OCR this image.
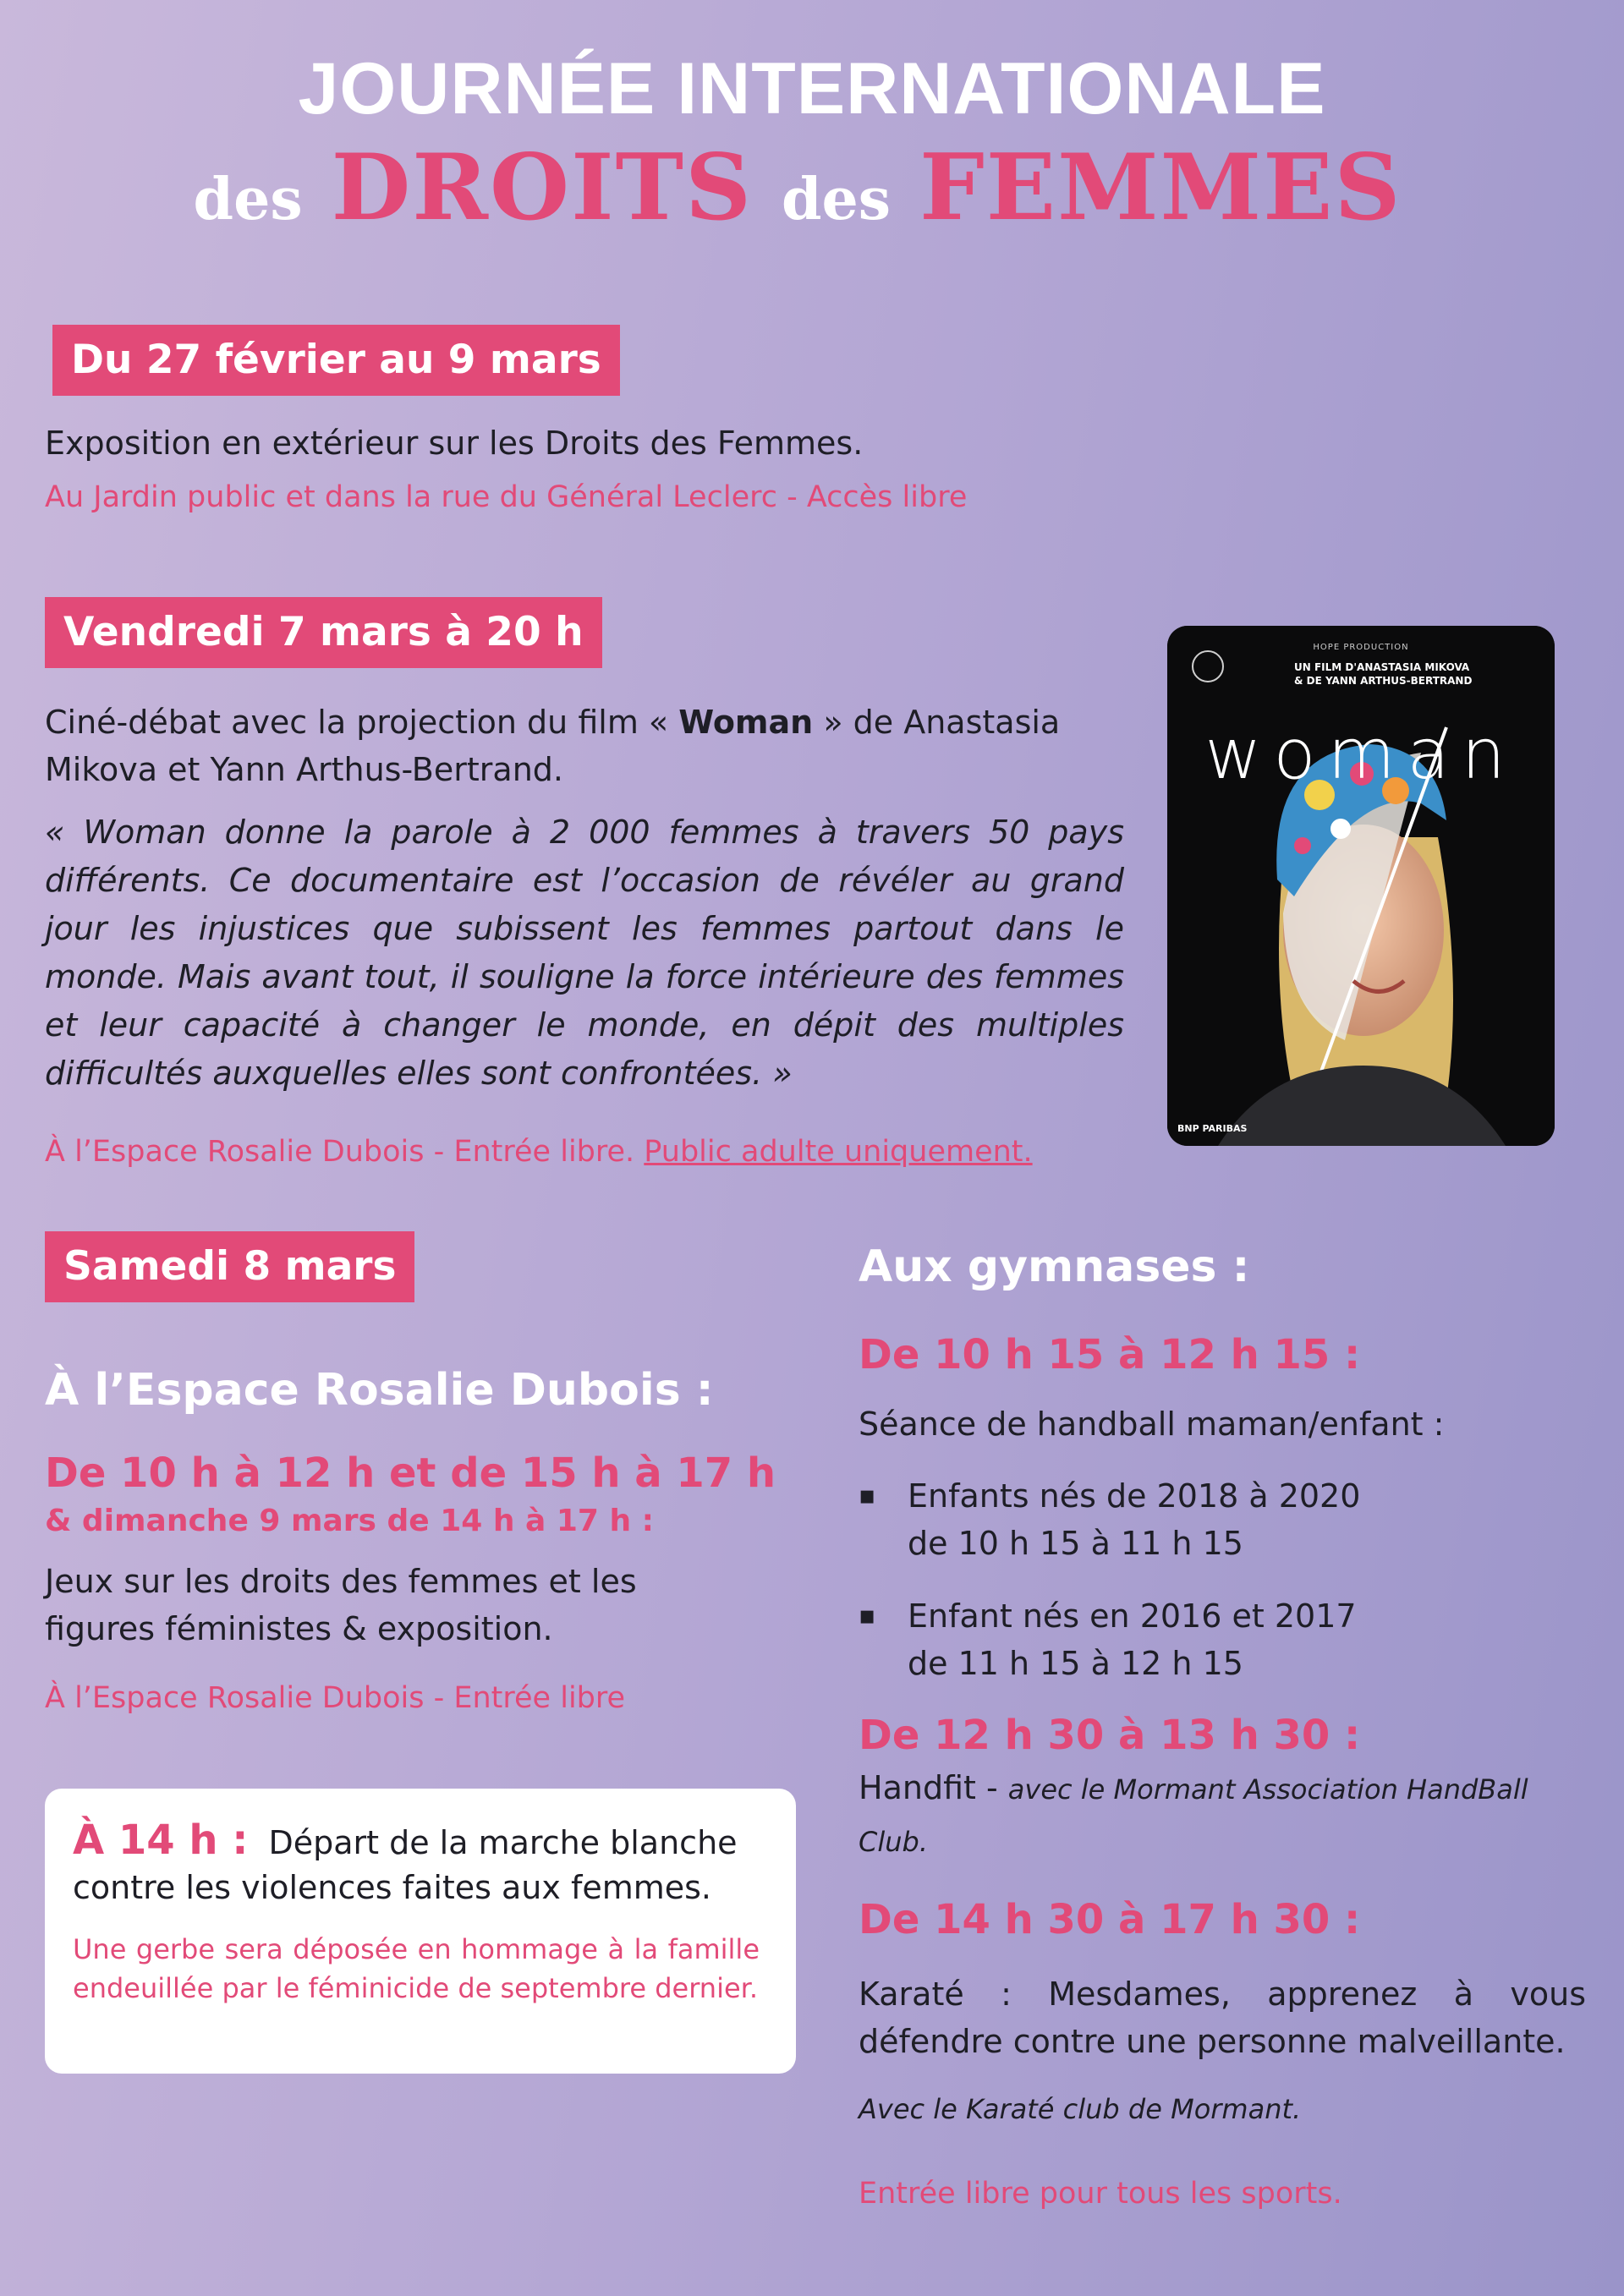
JOURNÉE INTERNATIONALE
des DROITS des FEMMES
Du 27 février au 9 mars
Exposition en extérieur sur les Droits des Femmes.
Au Jardin public et dans la rue du Général Leclerc - Accès libre
Vendredi 7 mars à 20 h
Ciné-débat avec la projection du film « Woman » de Anastasia Mikova et Yann Arthus-Bertrand.
« Woman donne la parole à 2 000 femmes à travers 50 pays différents. Ce documentaire est l’occasion de révéler au grand jour les injustices que subissent les femmes partout dans le monde. Mais avant tout, il souligne la force intérieure des femmes et leur capacité à changer le monde, en dépit des multiples difficultés auxquelles elles sont confrontées. »
À l’Espace Rosalie Dubois - Entrée libre. Public adulte uniquement.
HOPE PRODUCTION
UN FILM D'ANASTASIA MIKOVA
& DE YANN ARTHUS-BERTRAND
woman
BNP PARIBAS
Samedi 8 mars
À l’Espace Rosalie Dubois :
De 10 h à 12 h et de 15 h à 17 h
& dimanche 9 mars de 14 h à 17 h :
Jeux sur les droits des femmes et les figures féministes & exposition.
À l’Espace Rosalie Dubois - Entrée libre
À 14 h : Départ de la marche blanche
contre les violences faites aux femmes.
Une gerbe sera déposée en hommage à la famille endeuillée par le féminicide de septembre dernier.
Aux gymnases :
De 10 h 15 à 12 h 15 :
Séance de handball maman/enfant :
▪ Enfants nés de 2018 à 2020
de 10 h 15 à 11 h 15
▪ Enfant nés en 2016 et 2017
de 11 h 15 à 12 h 15
De 12 h 30 à 13 h 30 :
Handfit - avec le Mormant Association HandBall Club.
De 14 h 30 à 17 h 30 :
Karaté : Mesdames, apprenez à vous défendre contre une personne malveillante.
Avec le Karaté club de Mormant.
Entrée libre pour tous les sports.
